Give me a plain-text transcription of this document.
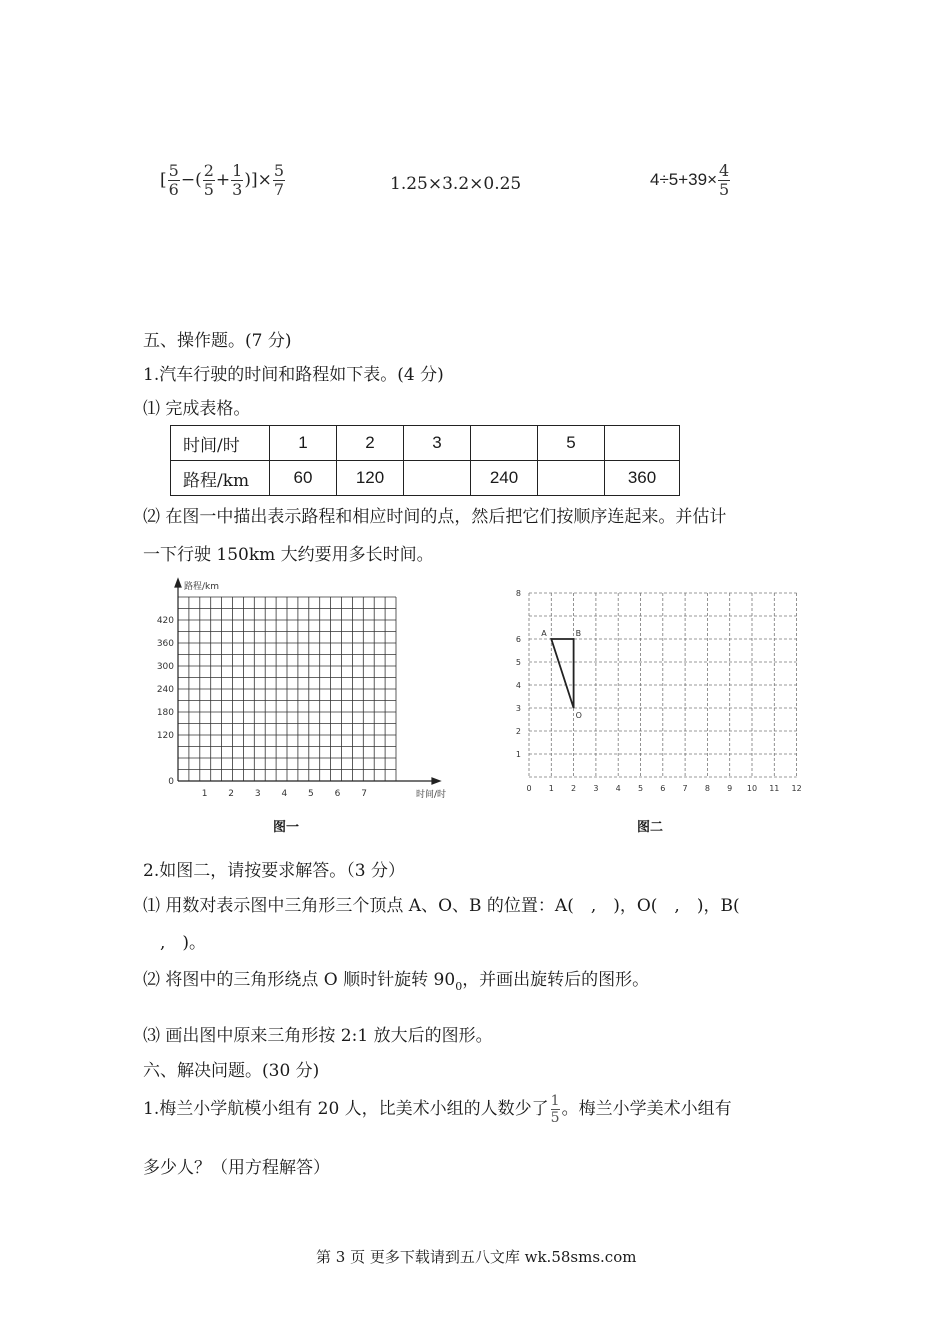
[ $\frac{5}{6}$ −( $\frac{2}{5} + \frac{1}{3}$ )]× $\frac{5}{7}$	1.25×3.2×0.25	$4\div 5+39\times \frac{4}{5}$
五、操作题。(7 分)
1.汽车行驶的时间和路程如下表。(4 分)
⑴ 完成表格。
时间/时	1	2	3		5	
路程/km	60	120		240		360
⑵ 在图一中描出表示路程和相应时间的点，然后把它们按顺序连起来。并估计
一下行驶 150km 大约要用多长时间。
路程/km
时间/时
420
360
300
240
180
120
0
1 2 3 4 5 6 7
图一
A	B
O
8
6
5
4
3
2
1
0 1 2 3 4 5 6 7 8 9 10 11 12
图二
2.如图二，请按要求解答。（3 分）
⑴ 用数对表示图中三角形三个顶点 A、O、B 的位置：A(　,　)，O(　,　)，B(
　,　)。
⑵ 将图中的三角形绕点 O 顺时针旋转 $90_0$，并画出旋转后的图形。
⑶ 画出图中原来三角形按 2:1 放大后的图形。
六、解决问题。(30 分)
1.梅兰小学航模小组有 20 人，比美术小组的人数少了 $\frac{1}{5}$ 。梅兰小学美术小组有
多少人？（用方程解答）
第 3 页 更多下载请到五八文库 wk.58sms.com
